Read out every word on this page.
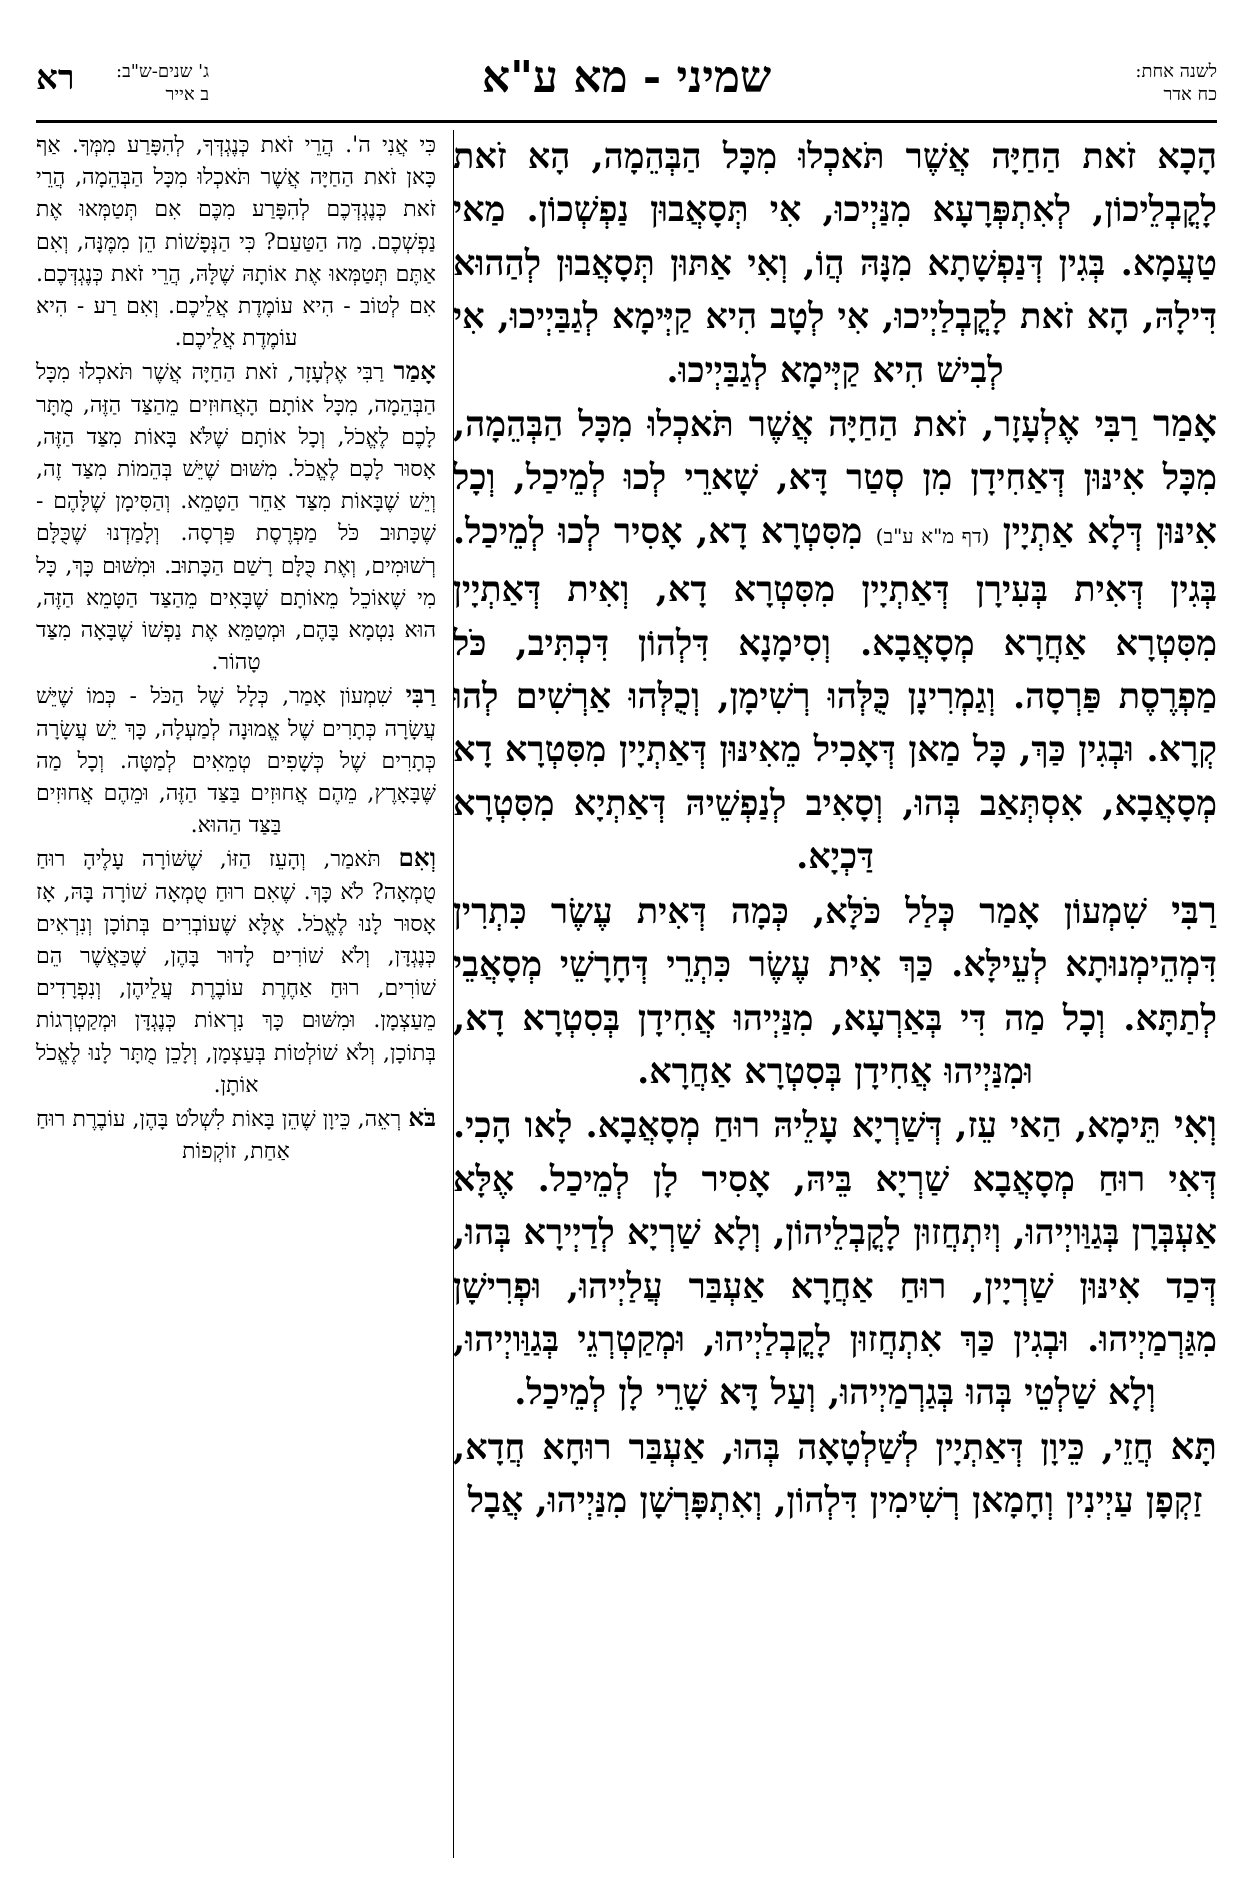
לשנה אחת:
כח אדר
שמיני - מא ע"א
ג' שנים-ש"ב:
ב אייר
רא

הָכָא זֹאת הַחַיָּה אֲשֶׁר תֹּאכְלוּ מִכָּל הַבְּהֵמָה, הָא זֹאת לָקֳבְלֵיכוֹן, לְאִתְפְּרָעָא מִנַּיְיכוּ, אִי תְּסָאֲבוּן נַפְשְׁכוֹן. מַאי טַעֲמָא. בְּגִין דְּנַפְשָׁתָא מִנָּהּ הֲוֹ, וְאִי אַתּוּן תְּסָאֲבוּן לְהַהוּא דִּילָהּ, הָא זֹאת לָקֳבְלַיְיכוּ, אִי לְטָב הִיא קַיְּימָא לְגַבַּיְיכוּ, אִי לְבִישׁ הִיא קַיְּימָא לְגַבַּיְיכוּ.

אָמַר רַבִּי אֶלְעָזָר, זֹאת הַחַיָּה אֲשֶׁר תֹּאכְלוּ מִכָּל הַבְּהֵמָה, מִכָּל אִינּוּן דְּאַחִידָן מִן סְטַר דָּא, שָׁארֵי לְכוּ לְמֵיכַל, וְכָל אִינּוּן דְּלָא אַתְיָין (דף מ"א ע"ב) מִסִּטְרָא דָא, אָסִיר לְכוּ לְמֵיכַל. בְּגִין דְּאִית בְּעִירָן דְּאַתְיָין מִסִּטְרָא דָא, וְאִית דְּאַתְיָין מִסִּטְרָא אַחֲרָא מְסָאֲבָא. וְסִימָנָא דִּלְהוֹן דִּכְתִּיב, כֹּל מַפְרֶסֶת פַּרְסָה. וְגַמְרִינָן כֻּלְּהוּ רְשִׁימָן, וְכֻלְּהוּ אַרְשִׁים לְהוּ קְרָא. וּבְגִין כַּךְ, כָּל מַאן דְּאָכִיל מֵאִינּוּן דְּאַתְיָין מִסִּטְרָא דָא מְסָאֲבָא, אִסְתְּאַב בְּהוּ, וְסָאִיב לְנַפְשֵׁיהּ דְּאַתְיָא מִסִּטְרָא דַּכְיָא.

רַבִּי שִׁמְעוֹן אָמַר כְּלַל כֹּלָּא, כְּמָה דְּאִית עֶשֶׂר כִּתְרִין דִּמְהֵימְנוּתָא לְעֵילָּא. כַּךְ אִית עֶשֶׂר כִּתְרֵי דְּחָרָשֵׁי מְסָאֲבֵי לְתַתָּא. וְכָל מַה דִּי בְּאַרְעָא, מִנַּיְיהוּ אֲחִידָן בְּסִטְרָא דָא, וּמִנַּיְיהוּ אֲחִידָן בְּסִטְרָא אַחֲרָא.

וְאִי תֵּימָא, הַאי עֵז, דְּשַׁרְיָא עָלֵיהּ רוּחַ מְסָאֲבָא. לָאו הָכִי. דְּאִי רוּחַ מְסָאֲבָא שַׁרְיָא בֵּיהּ, אָסִיר לָן לְמֵיכַל. אֶלָּא אַעְבְּרָן בְּגַוַּויְיהוּ, וְיִתְחֲזוּן לָקֳבְלֵיהוֹן, וְלָא שַׁרְיָא לְדַיְירָא בְּהוּ, דְּכַד אִינּוּן שַׁרְיָין, רוּחַ אַחֲרָא אַעְבַּר עֲלַיְיהוּ, וּפְרִישָׁן מִגַּרְמַיְיהוּ. וּבְגִין כַּךְ אִתְחֲזוּן לָקֳבְלַיְיהוּ, וּמְקַטְרְגֵי בְּגַוַּויְיהוּ, וְלָא שַׁלְטֵי בְּהוּ בְּגַרְמַיְיהוּ, וְעַל דָּא שָׁרֵי לָן לְמֵיכַל.

תָּא חֲזֵי, כֵּיוָן דְּאַתְיָין לְשַׁלְטָאָה בְּהוּ, אַעְבַּר רוּחָא חֲדָא, זַקְפָן עַיְינִין וְחָמָאן רְשִׁימִין דִּלְהוֹן, וְאִתְפָּרְשָׁן מִנַּיְיהוּ, אֲבָל

כִּי אֲנִי ה'. הֲרֵי זֹאת כְּנֶגְדְּךָ, לְהִפָּרַע מִמְּךָ. אַף כָּאן זֹאת הַחַיָּה אֲשֶׁר תֹּאכְלוּ מִכָּל הַבְּהֵמָה, הֲרֵי זֹאת כְּנֶגְדְּכֶם לְהִפָּרַע מִכֶּם אִם תְּטַמְּאוּ אֶת נַפְשְׁכֶם. מַה הַטַּעַם? כִּי הַנְּפָשׁוֹת הֵן מִמֶּנָּה, וְאִם אַתֶּם תְּטַמְּאוּ אֶת אוֹתָהּ שֶׁלָּהּ, הֲרֵי זֹאת כְּנֶגְדְּכֶם. אִם לְטוֹב - הִיא עוֹמֶדֶת אֲלֵיכֶם. וְאִם רַע - הִיא עוֹמֶדֶת אֲלֵיכֶם.

אָמַר רַבִּי אֶלְעָזָר, זֹאת הַחַיָּה אֲשֶׁר תֹּאכְלוּ מִכָּל הַבְּהֵמָה, מִכָּל אוֹתָם הָאֲחוּזִים מֵהַצַּד הַזֶּה, מֻתָּר לָכֶם לֶאֱכֹל, וְכָל אוֹתָם שֶׁלֹּא בָּאוֹת מִצַּד הַזֶּה, אָסוּר לָכֶם לֶאֱכֹל. מִשּׁוּם שֶׁיֵּשׁ בְּהֵמוֹת מִצַּד זֶה, וְיֵשׁ שֶׁבָּאוֹת מִצַּד אַחֵר הַטָּמֵא. וְהַסִּימָן שֶׁלָּהֶם - שֶׁכָּתוּב כֹּל מַפְרֶסֶת פַּרְסָה. וְלָמַדְנוּ שֶׁכֻּלָּם רְשׁוּמִים, וְאֶת כֻּלָּם רָשַׁם הַכָּתוּב. וּמִשּׁוּם כָּךְ, כָּל מִי שֶׁאוֹכֵל מֵאוֹתָם שֶׁבָּאִים מֵהַצַּד הַטָּמֵא הַזֶּה, הוּא נִטְמָא בָּהֶם, וּמְטַמֵּא אֶת נַפְשׁוֹ שֶׁבָּאָה מִצַּד טָהוֹר.

רַבִּי שִׁמְעוֹן אָמַר, כְּלָל שֶׁל הַכֹּל - כְּמוֹ שֶׁיֵּשׁ עֲשָׂרָה כְּתָרִים שֶׁל אֱמוּנָה לְמַעְלָה, כָּךְ יֵשׁ עֲשָׂרָה כְּתָרִים שֶׁל כְּשָׁפִים טְמֵאִים לְמַטָּה. וְכָל מַה שֶּׁבָּאָרֶץ, מֵהֶם אֲחוּזִים בַּצַּד הַזֶּה, וּמֵהֶם אֲחוּזִים בַּצַּד הַהוּא.

וְאִם תֹּאמַר, וְהָעֵז הַזּוֹ, שֶׁשּׁוֹרָה עָלֶיהָ רוּחַ טֻמְאָה? לֹא כָּךְ. שֶׁאִם רוּחַ טֻמְאָה שׁוֹרָה בָּהּ, אָז אָסוּר לָנוּ לֶאֱכֹל. אֶלָּא שֶׁעוֹבְרִים בְּתוֹכָן וְנִרְאִים כְּנֶגְדָּן, וְלֹא שׁוֹרִים לָדוּר בָּהֶן, שֶׁכַּאֲשֶׁר הֵם שׁוֹרִים, רוּחַ אַחֶרֶת עוֹבֶרֶת עֲלֵיהֶן, וְנִפְרָדִים מֵעַצְמָן. וּמִשּׁוּם כָּךְ נִרְאוֹת כְּנֶגְדָּן וּמְקַטְרְגוֹת בְּתוֹכָן, וְלֹא שׁוֹלְטוֹת בְּעַצְמָן, וְלָכֵן מֻתָּר לָנוּ לֶאֱכֹל אוֹתָן.

בֹּא רְאֵה, כֵּיוָן שֶׁהֵן בָּאוֹת לִשְׁלֹט בָּהֶן, עוֹבֶרֶת רוּחַ אַחַת, זוֹקְפוֹת
